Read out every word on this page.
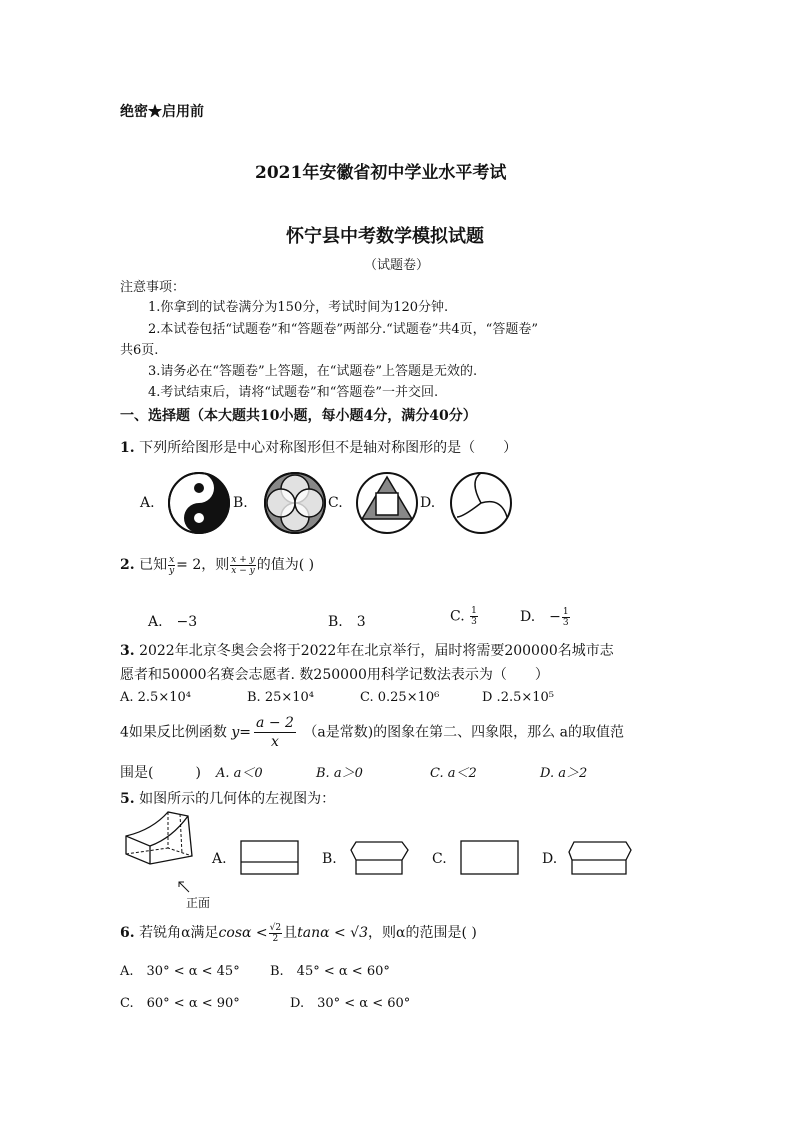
绝密★启用前
2021年安徽省初中学业水平考试
怀宁县中考数学模拟试题
（试题卷）
注意事项：
1.你拿到的试卷满分为150分，考试时间为120分钟.
2.本试卷包括“试题卷”和“答题卷”两部分.“试题卷”共4页，“答题卷”
共6页.
3.请务必在“答题卷”上答题，在“试题卷”上答题是无效的.
4.考试结束后，请将“试题卷”和“答题卷”一并交回.
一、选择题（本大题共10小题，每小题4分，满分40分）
1. 下列所给图形是中心对称图形但不是轴对称图形的是（　　）
A.	B.	C.	D.
2. 已知 $\frac{x}{y} = 2$，则 $\frac{x + y}{x - y}$ 的值为( )
A.　−3	B.　3	C. $\frac{1}{3}$	D.　− $\frac{1}{3}$
3. 2022年北京冬奥会会将于2022年在北京举行，届时将需要200000名城市志
愿者和50000名赛会志愿者. 数250000用科学记数法表示为（　　）
A. 2.5×10⁴	B. 25×10⁴	C. 0.25×10⁶	D .2.5×10⁵
4如果反比例函数 $y= \frac{a - 2}{x} (a$是常数)的图象在第二、四象限，那么 a的取值范
围是(　　　) A. a＜0	B. a＞0	C. a＜2	D. a＞2
5. 如图所示的几何体的左视图为：
正面
A.	B.	C.	D.
6. 若锐角α满足$\cos\alpha < \frac{√2}{2}$ 且tanα < √3，则α的范围是( )
A.　30° < α < 45° B.　45° < α < 60°
C.　60° < α < 90°	D.　30° < α < 60°
